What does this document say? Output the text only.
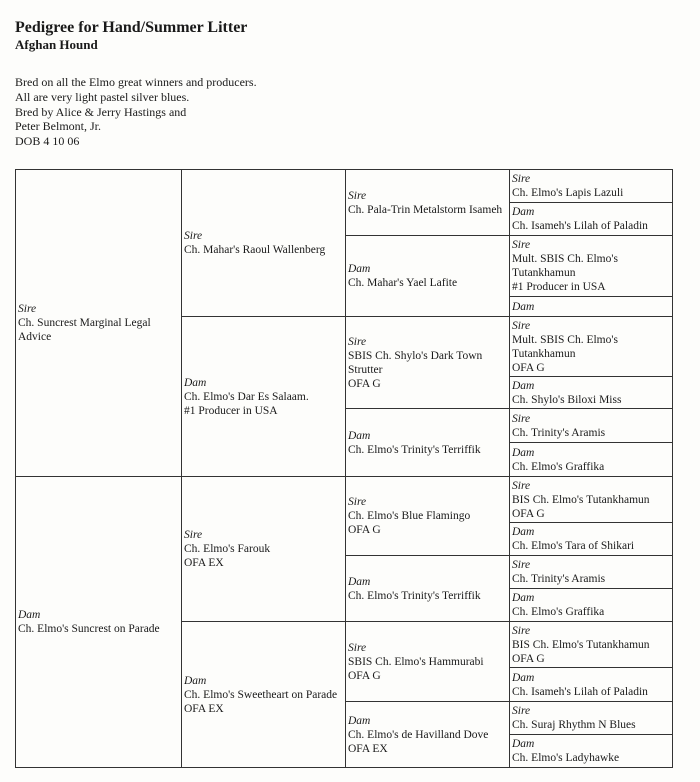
Pedigree for Hand/Summer Litter
Afghan Hound
Bred on all the Elmo great winners and producers.
All are very light pastel silver blues.
Bred by Alice & Jerry Hastings and
Peter Belmont, Jr.
DOB 4 10 06
Sire
Ch. Suncrest Marginal Legal Advice
Dam
Ch. Elmo's Suncrest on Parade
Sire
Ch. Mahar's Raoul Wallenberg
Dam
Ch. Elmo's Dar Es Salaam.
#1 Producer in USA
Sire
Ch. Elmo's Farouk
OFA EX
Dam
Ch. Elmo's Sweetheart on Parade
OFA EX
Sire
Ch. Pala-Trin Metalstorm Isameh
Dam
Ch. Mahar's Yael Lafite
Sire
SBIS Ch. Shylo's Dark Town Strutter
OFA G
Dam
Ch. Elmo's Trinity's Terriffik
Sire
Ch. Elmo's Blue Flamingo
OFA G
Dam
Ch. Elmo's Trinity's Terriffik
Sire
SBIS Ch. Elmo's Hammurabi
OFA G
Dam
Ch. Elmo's de Havilland Dove
OFA EX
Sire
Ch. Elmo's Lapis Lazuli
Dam
Ch. Isameh's Lilah of Paladin
Sire
Mult. SBIS Ch. Elmo's Tutankhamun
#1 Producer in USA
Dam
Sire
Mult. SBIS Ch. Elmo's Tutankhamun
OFA G
Dam
Ch. Shylo's Biloxi Miss
Sire
Ch. Trinity's Aramis
Dam
Ch. Elmo's Graffika
Sire
BIS Ch. Elmo's Tutankhamun
OFA G
Dam
Ch. Elmo's Tara of Shikari
Sire
Ch. Trinity's Aramis
Dam
Ch. Elmo's Graffika
Sire
BIS Ch. Elmo's Tutankhamun
OFA G
Dam
Ch. Isameh's Lilah of Paladin
Sire
Ch. Suraj Rhythm N Blues
Dam
Ch. Elmo's Ladyhawke
